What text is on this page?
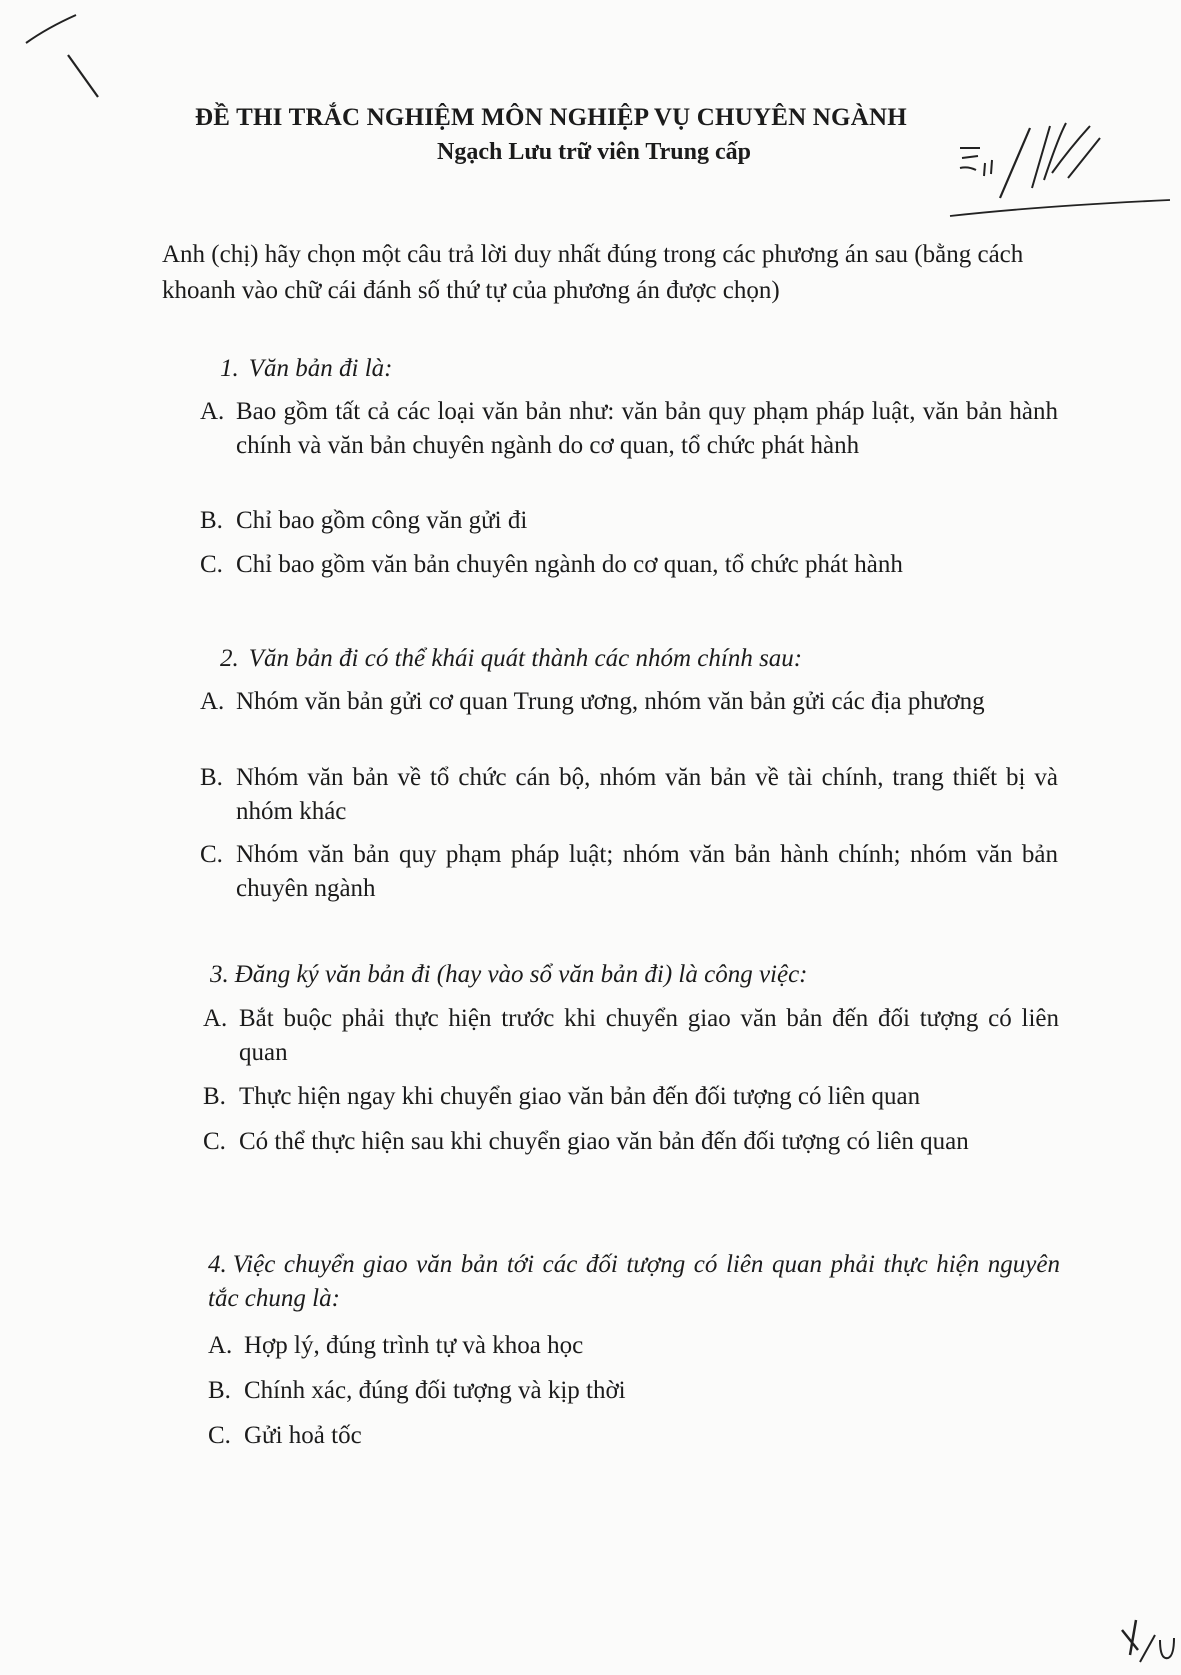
ĐỀ THI TRẮC NGHIỆM MÔN NGHIỆP VỤ CHUYÊN NGÀNH
Ngạch Lưu trữ viên Trung cấp
Anh (chị) hãy chọn một câu trả lời duy nhất đúng trong các phương án sau (bằng cách khoanh vào chữ cái đánh số thứ tự của phương án được chọn)
1. Văn bản đi là:
A. Bao gồm tất cả các loại văn bản như: văn bản quy phạm pháp luật, văn bản hành chính và văn bản chuyên ngành do cơ quan, tổ chức phát hành
B. Chỉ bao gồm công văn gửi đi
C. Chỉ bao gồm văn bản chuyên ngành do cơ quan, tổ chức phát hành
2. Văn bản đi có thể khái quát thành các nhóm chính sau:
A. Nhóm văn bản gửi cơ quan Trung ương, nhóm văn bản gửi các địa phương
B. Nhóm văn bản về tổ chức cán bộ, nhóm văn bản về tài chính, trang thiết bị và nhóm khác
C. Nhóm văn bản quy phạm pháp luật; nhóm văn bản hành chính; nhóm văn bản chuyên ngành
3. Đăng ký văn bản đi (hay vào sổ văn bản đi) là công việc:
A. Bắt buộc phải thực hiện trước khi chuyển giao văn bản đến đối tượng có liên quan
B. Thực hiện ngay khi chuyển giao văn bản đến đối tượng có liên quan
C. Có thể thực hiện sau khi chuyển giao văn bản đến đối tượng có liên quan
4. Việc chuyển giao văn bản tới các đối tượng có liên quan phải thực hiện nguyên tắc chung là:
A. Hợp lý, đúng trình tự và khoa học
B. Chính xác, đúng đối tượng và kịp thời
C. Gửi hoả tốc
